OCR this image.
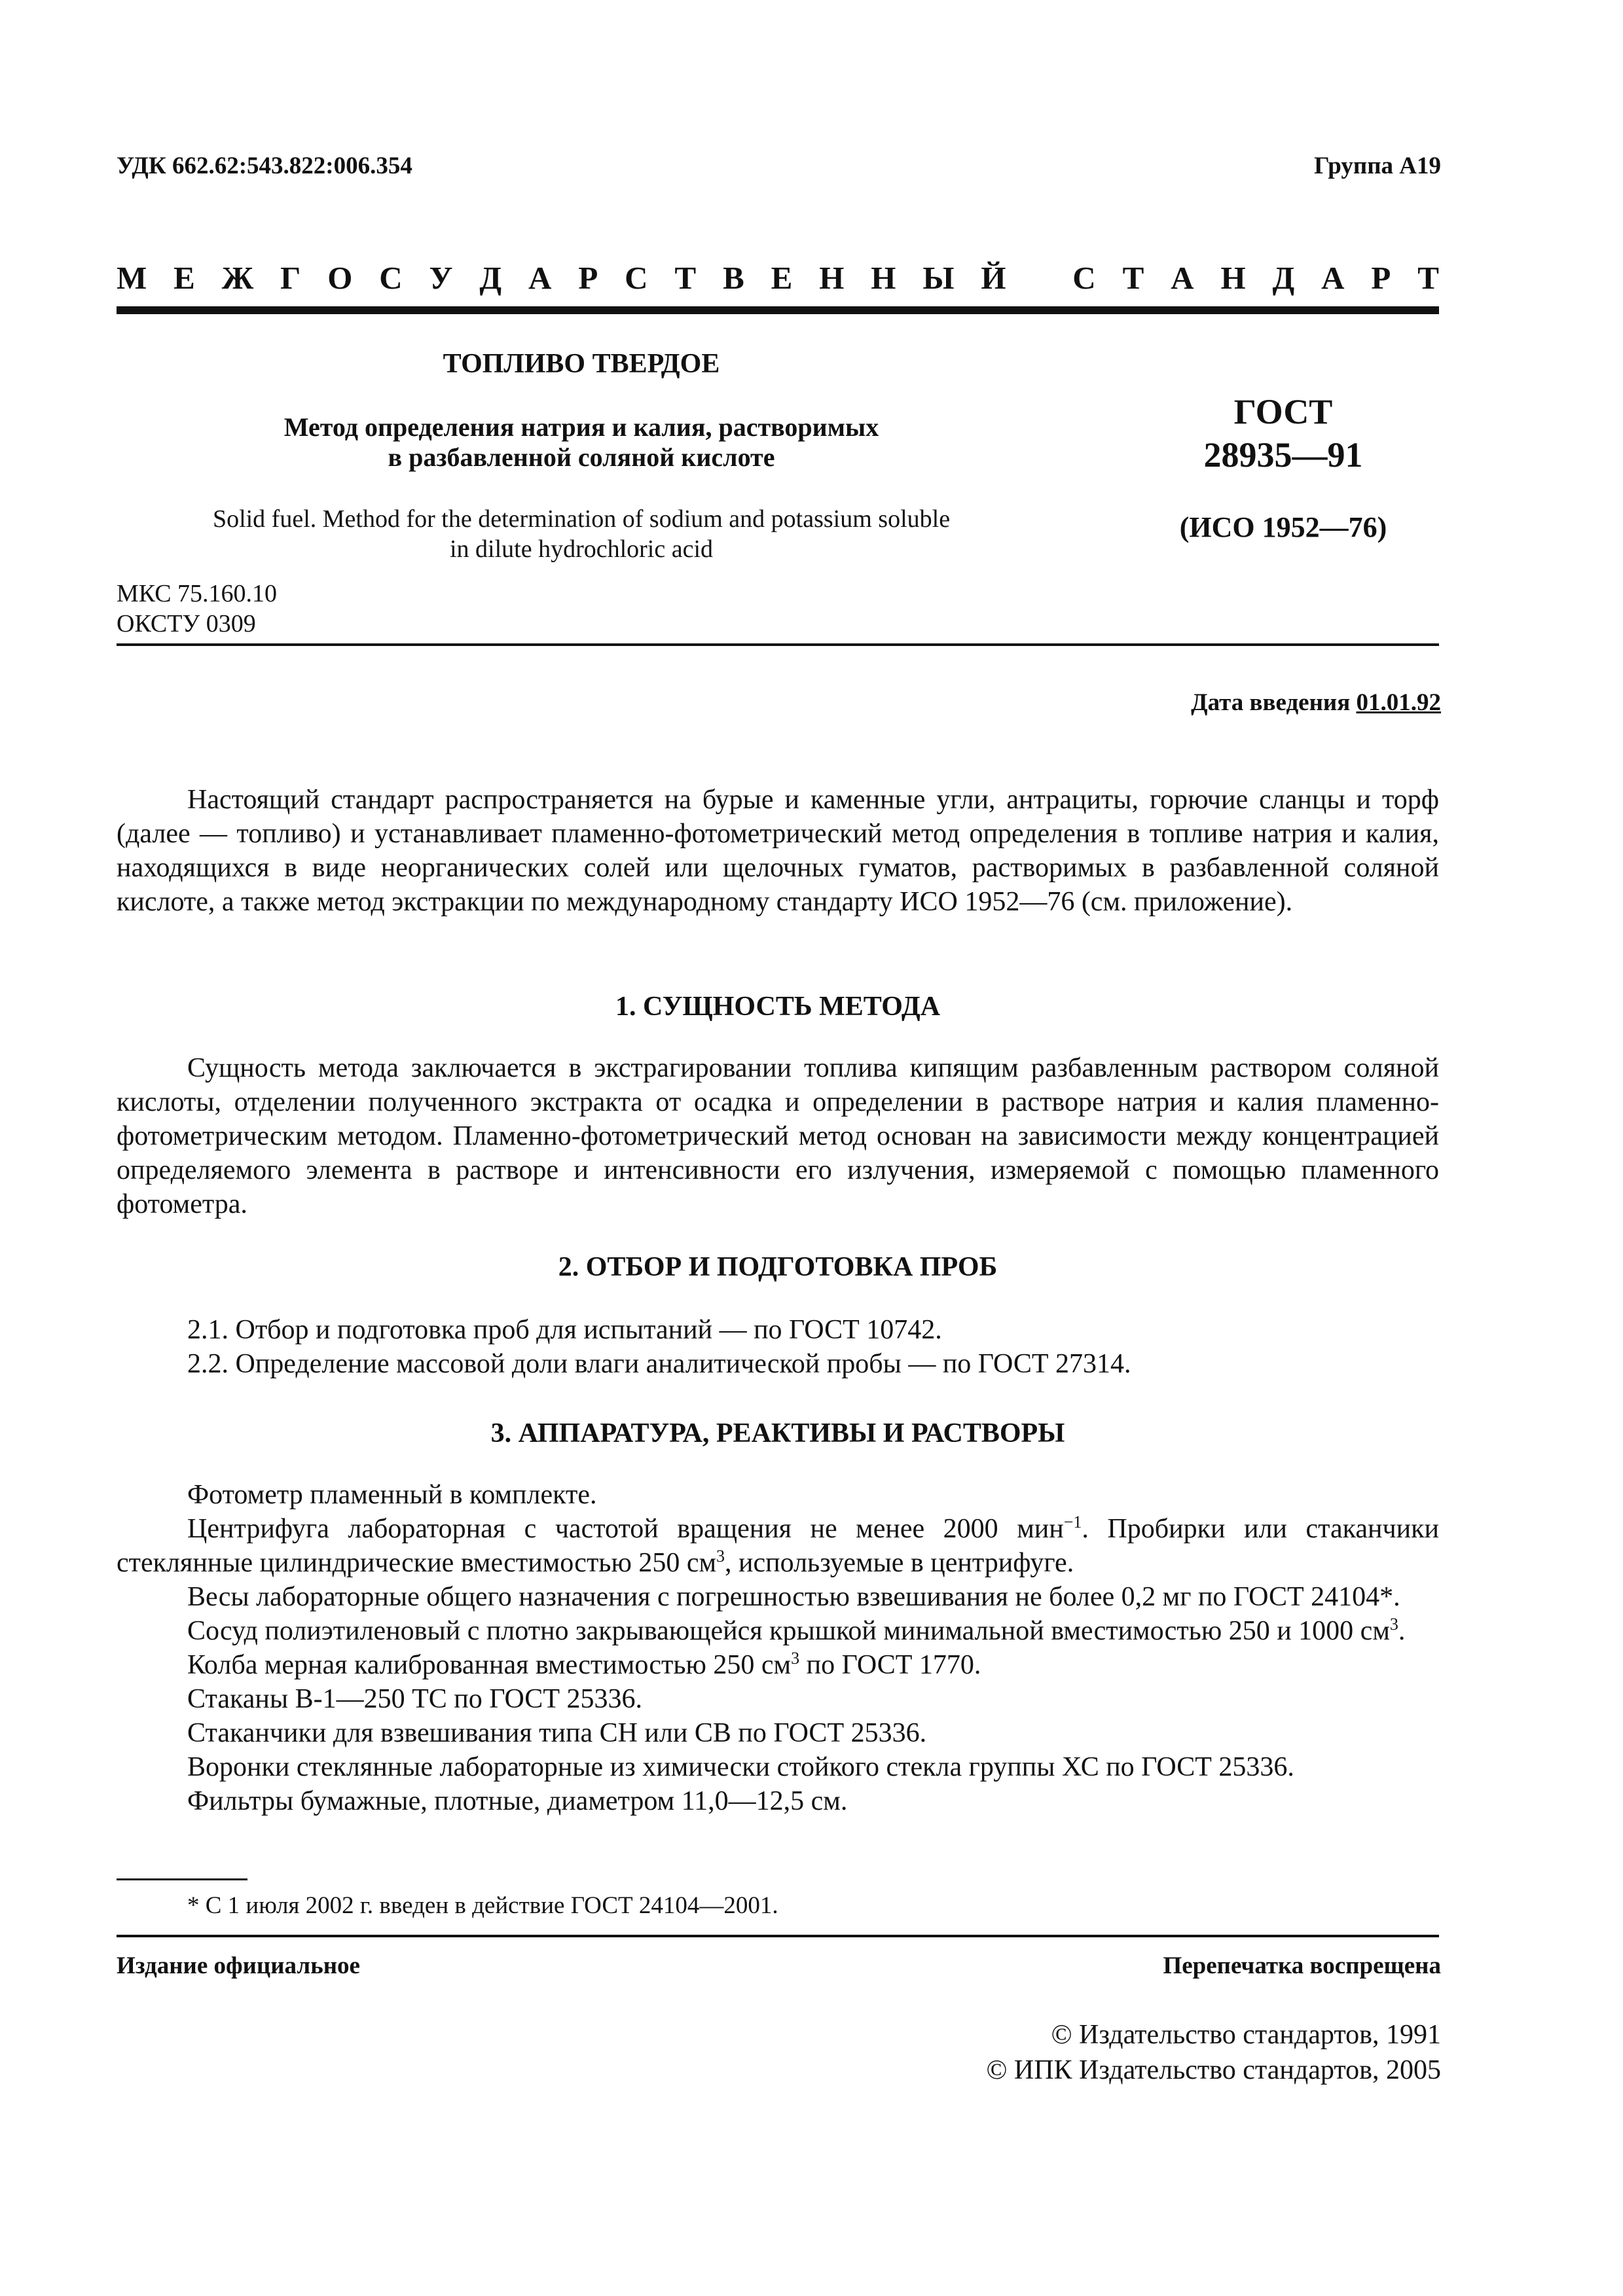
УДК 662.62:543.822:006.354	Группа А19
М Е Ж Г О С У Д А Р С Т В Е Н Н Ы Й С Т А Н Д А Р Т
ТОПЛИВО ТВЕРДОЕ
Метод определения натрия и калия, растворимых
в разбавленной соляной кислоте
Solid fuel. Method for the determination of sodium and potassium soluble
in dilute hydrochloric acid
ГОСТ
28935—91
(ИСО 1952—76)
МКС 75.160.10
ОКСТУ 0309
Дата введения 01.01.92
Настоящий стандарт распространяется на бурые и каменные угли, антрациты, горючие сланцы и торф (далее — топливо) и устанавливает пламенно-фотометрический метод определения в топливе натрия и калия, находящихся в виде неорганических солей или щелочных гуматов, растворимых в разбавленной соляной кислоте, а также метод экстракции по международному стандарту ИСО 1952—76 (см. приложение).
1. СУЩНОСТЬ МЕТОДА
Сущность метода заключается в экстрагировании топлива кипящим разбавленным раствором соляной кислоты, отделении полученного экстракта от осадка и определении в растворе натрия и калия пламенно-фотометрическим методом. Пламенно-фотометрический метод основан на зависимости между концентрацией определяемого элемента в растворе и интенсивности его излучения, измеряемой с помощью пламенного фотометра.
2. ОТБОР И ПОДГОТОВКА ПРОБ
2.1. Отбор и подготовка проб для испытаний — по ГОСТ 10742.
2.2. Определение массовой доли влаги аналитической пробы — по ГОСТ 27314.
3. АППАРАТУРА, РЕАКТИВЫ И РАСТВОРЫ
Фотометр пламенный в комплекте.
Центрифуга лабораторная с частотой вращения не менее 2000 мин$^{-1}$. Пробирки или стаканчики стеклянные цилиндрические вместимостью 250 $см^3$, используемые в центрифуге.
Весы лабораторные общего назначения с погрешностью взвешивания не более 0,2 мг по ГОСТ 24104*.
Сосуд полиэтиленовый с плотно закрывающейся крышкой минимальной вместимостью 250 и 1000 $см^3$.
Колба мерная калиброванная вместимостью 250 $см^3$ по ГОСТ 1770.
Стаканы В-1—250 ТС по ГОСТ 25336.
Стаканчики для взвешивания типа СН или СВ по ГОСТ 25336.
Воронки стеклянные лабораторные из химически стойкого стекла группы ХС по ГОСТ 25336.
Фильтры бумажные, плотные, диаметром 11,0—12,5 см.
* С 1 июля 2002 г. введен в действие ГОСТ 24104—2001.
Издание официальное	Перепечатка воспрещена
© Издательство стандартов, 1991
© ИПК Издательство стандартов, 2005
